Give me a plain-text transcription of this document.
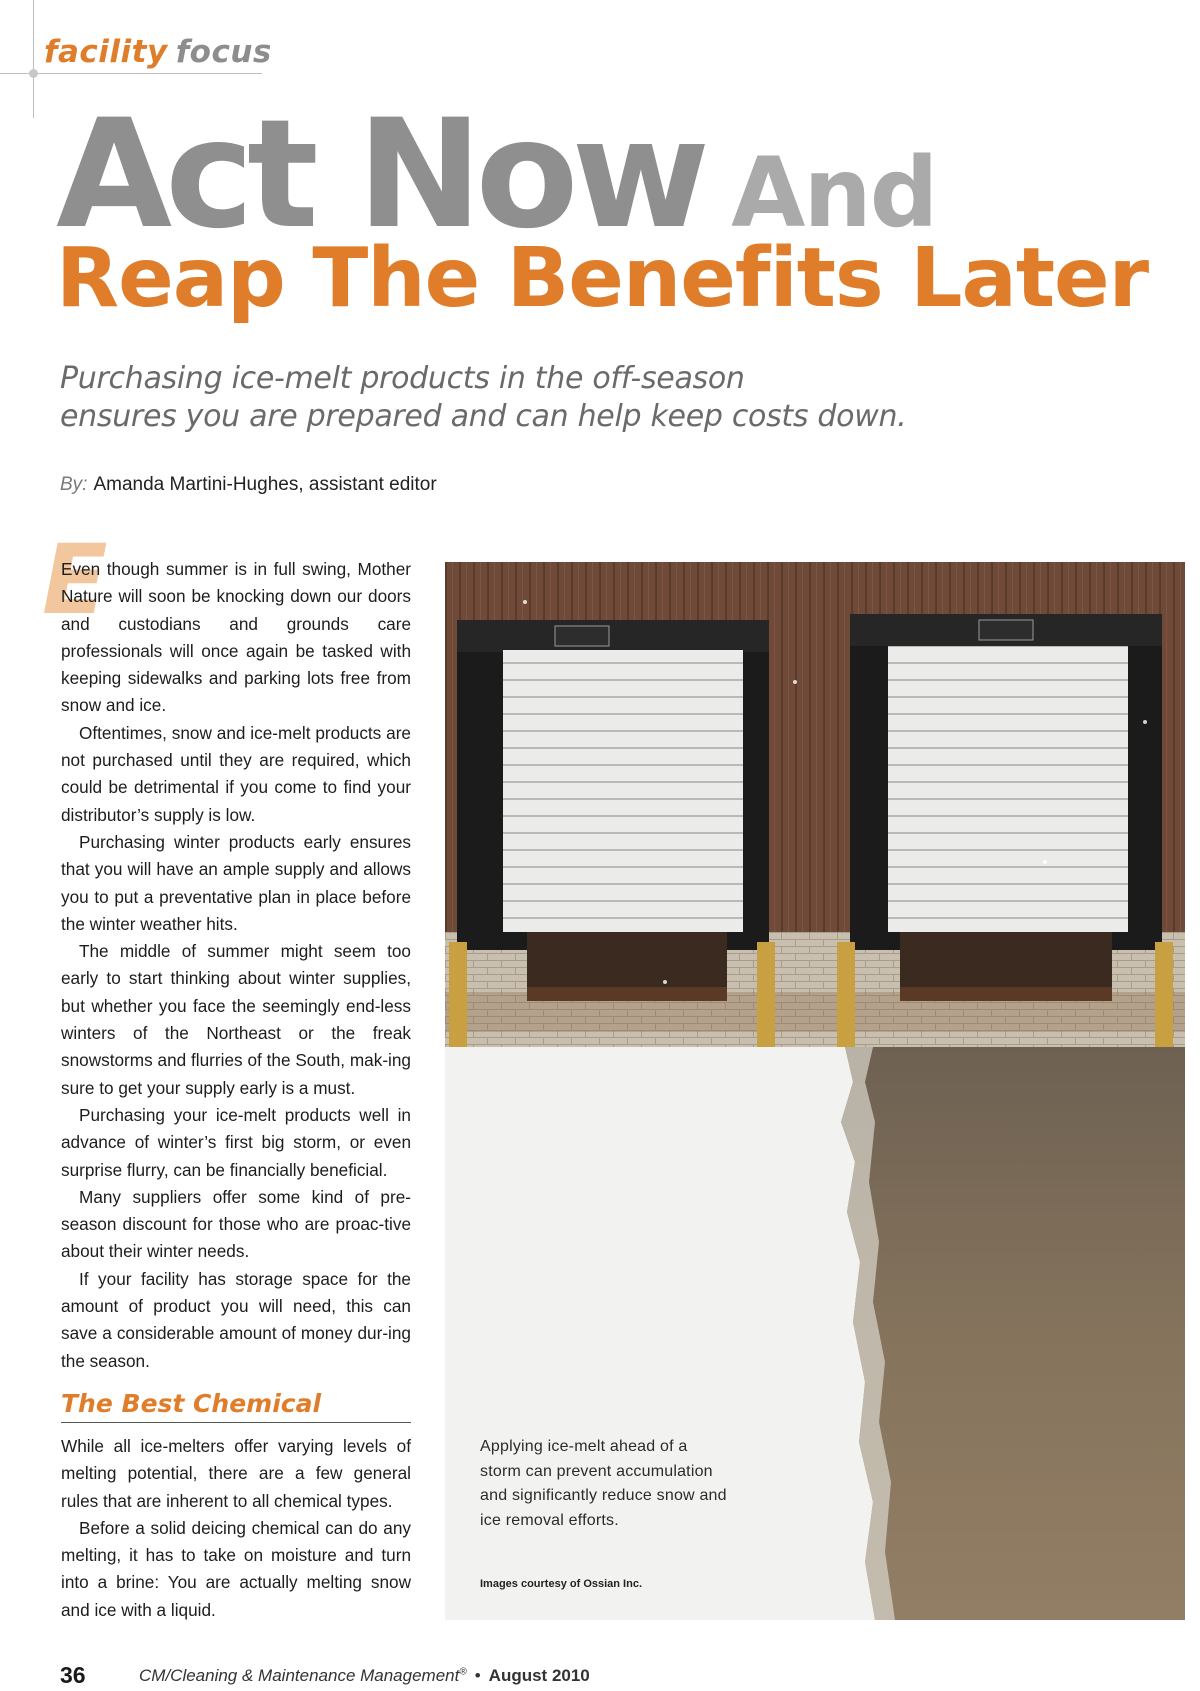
facility focus
Act Now And
Reap The Benefits Later
Purchasing ice-melt products in the off-season
ensures you are prepared and can help keep costs down.
By: Amanda Martini-Hughes, assistant editor
E

Even though summer is in full swing, Mother Nature will soon be knocking down our doors and custodians and grounds care professionals will once again be tasked with keeping sidewalks and parking lots free from snow and ice.

Oftentimes, snow and ice-melt products are not purchased until they are required, which could be detrimental if you come to find your distributor’s supply is low.

Purchasing winter products early ensures that you will have an ample supply and allows you to put a preventative plan in place before the winter weather hits.

The middle of summer might seem too early to start thinking about winter supplies, but whether you face the seemingly end-less winters of the Northeast or the freak snowstorms and flurries of the South, mak-ing sure to get your supply early is a must.

Purchasing your ice-melt products well in advance of winter’s first big storm, or even surprise flurry, can be financially beneficial.

Many suppliers offer some kind of pre-season discount for those who are proac-tive about their winter needs.

If your facility has storage space for the amount of product you will need, this can save a considerable amount of money dur-ing the season.

The Best Chemical

While all ice-melters offer varying levels of melting potential, there are a few general rules that are inherent to all chemical types.

Before a solid deicing chemical can do any melting, it has to take on moisture and turn into a brine: You are actually melting snow and ice with a liquid.

Applying ice-melt ahead of a storm can prevent accumulation and significantly reduce snow and ice removal efforts.
Images courtesy of Ossian Inc.
36	CM/Cleaning & Maintenance Management® • August 2010
